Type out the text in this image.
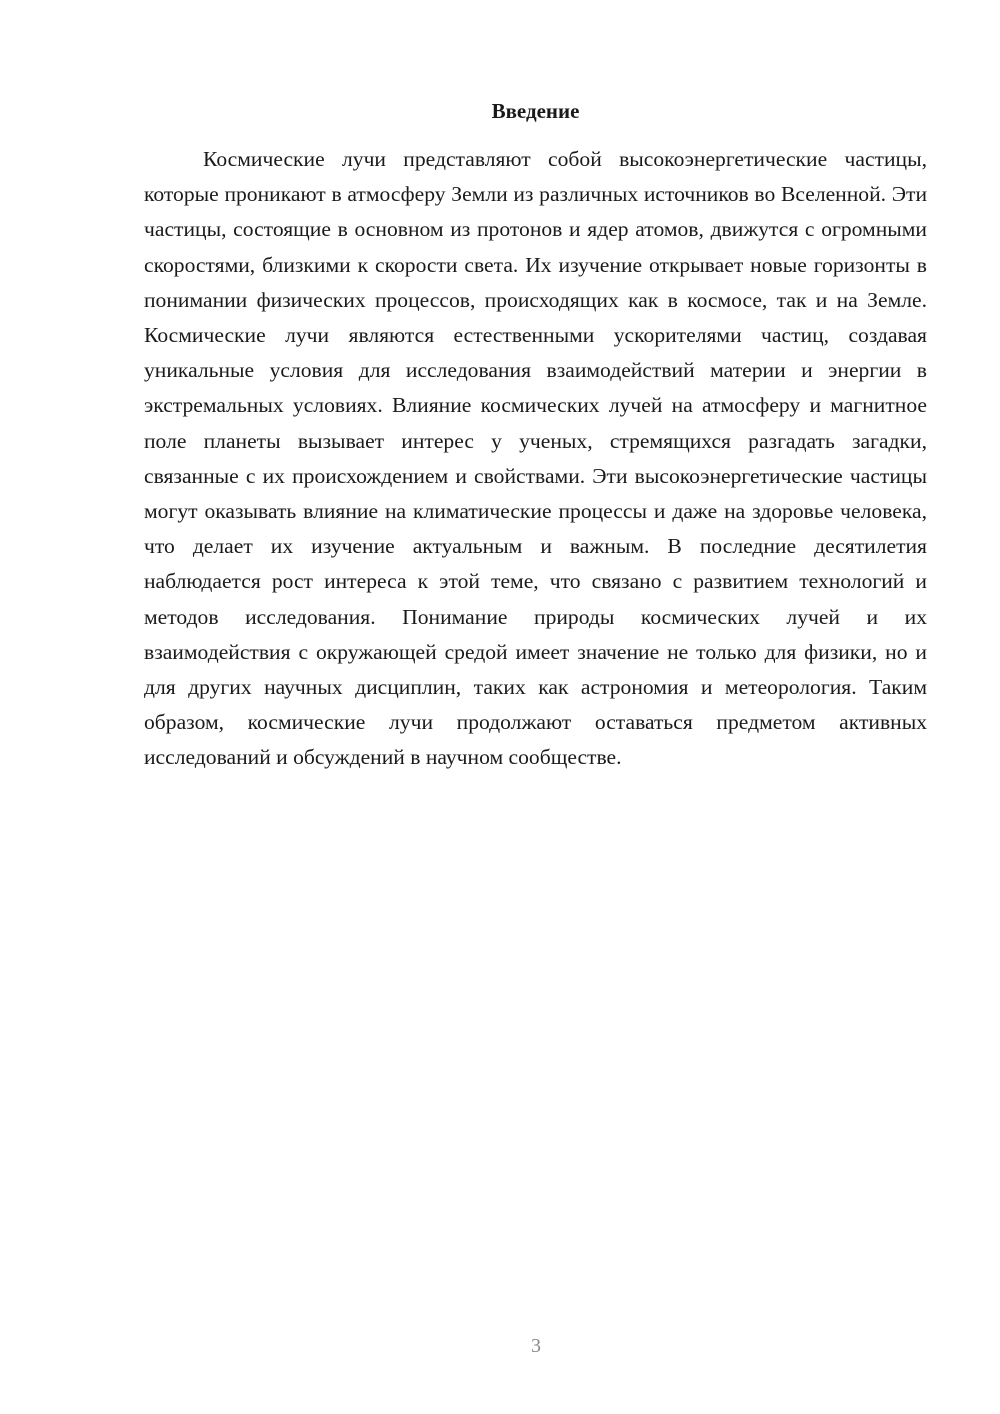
Введение

Космические лучи представляют собой высокоэнергетические частицы, которые проникают в атмосферу Земли из различных источников во Вселенной. Эти частицы, состоящие в основном из протонов и ядер атомов, движутся с огромными скоростями, близкими к скорости света. Их изучение открывает новые горизонты в понимании физических процессов, происходящих как в космосе, так и на Земле. Космические лучи являются естественными ускорителями частиц, создавая уникальные условия для исследования взаимодействий материи и энергии в экстремальных условиях. Влияние космических лучей на атмосферу и магнитное поле планеты вызывает интерес у ученых, стремящихся разгадать загадки, связанные с их происхождением и свойствами. Эти высокоэнергетические частицы могут оказывать влияние на климатические процессы и даже на здоровье человека, что делает их изучение актуальным и важным. В последние десятилетия наблюдается рост интереса к этой теме, что связано с развитием технологий и методов исследования. Понимание природы космических лучей и их взаимодействия с окружающей средой имеет значение не только для физики, но и для других научных дисциплин, таких как астрономия и метеорология. Таким образом, космические лучи продолжают оставаться предметом активных исследований и обсуждений в научном сообществе.

3
